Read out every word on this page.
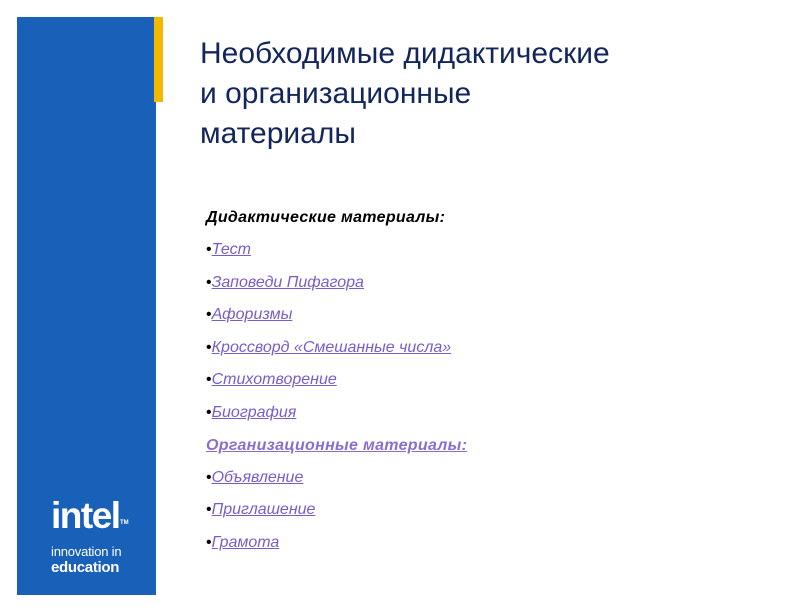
intel TM
innovation in
education
Необходимые дидактические
и организационные
материалы
Дидактические материалы:
•Тест
•Заповеди Пифагора
•Афоризмы
•Кроссворд «Смешанные числа»
•Стихотворение
•Биография
Организационные материалы:
•Объявление
•Приглашение
•Грамота
